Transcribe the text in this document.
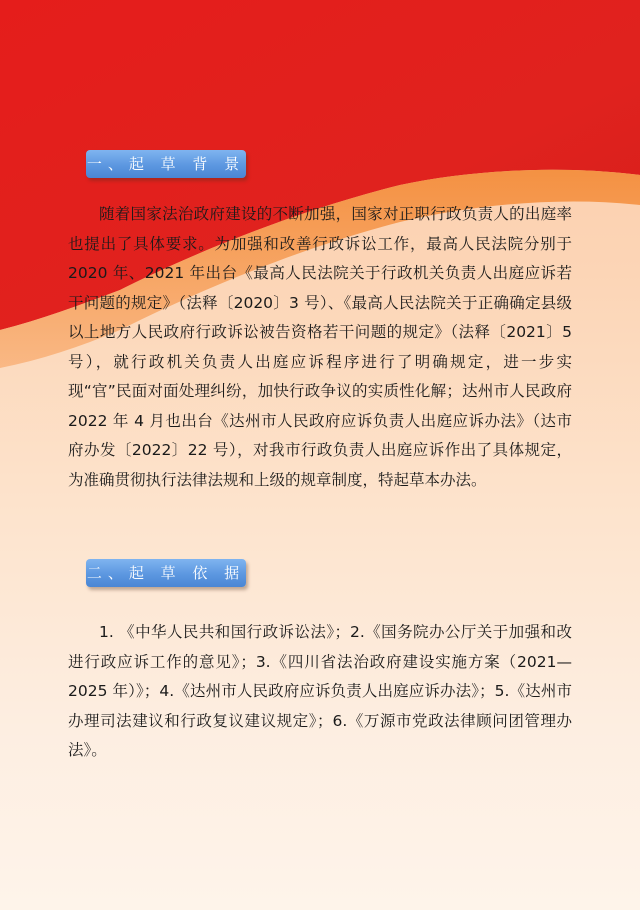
一、起 草 背 景

随着国家法治政府建设的不断加强，国家对正职行政负责人的出庭率也提出了具体要求。为加强和改善行政诉讼工作，最高人民法院分别于 2020 年、2021 年出台《最高人民法院关于行政机关负责人出庭应诉若干问题的规定》（法释〔2020〕3 号）、《最高人民法院关于正确确定县级以上地方人民政府行政诉讼被告资格若干问题的规定》（法释〔2021〕5 号），就行政机关负责人出庭应诉程序进行了明确规定，进一步实现“官”民面对面处理纠纷，加快行政争议的实质性化解；达州市人民政府 2022 年 4 月也出台《达州市人民政府应诉负责人出庭应诉办法》（达市府办发〔2022〕22 号），对我市行政负责人出庭应诉作出了具体规定，为准确贯彻执行法律法规和上级的规章制度，特起草本办法。

二、起 草 依 据

1. 《中华人民共和国行政诉讼法》；2.《国务院办公厅关于加强和改进行政应诉工作的意见》；3.《四川省法治政府建设实施方案（2021—2025 年）》；4.《达州市人民政府应诉负责人出庭应诉办法》；5.《达州市办理司法建议和行政复议建议规定》；6.《万源市党政法律顾问团管理办法》。
